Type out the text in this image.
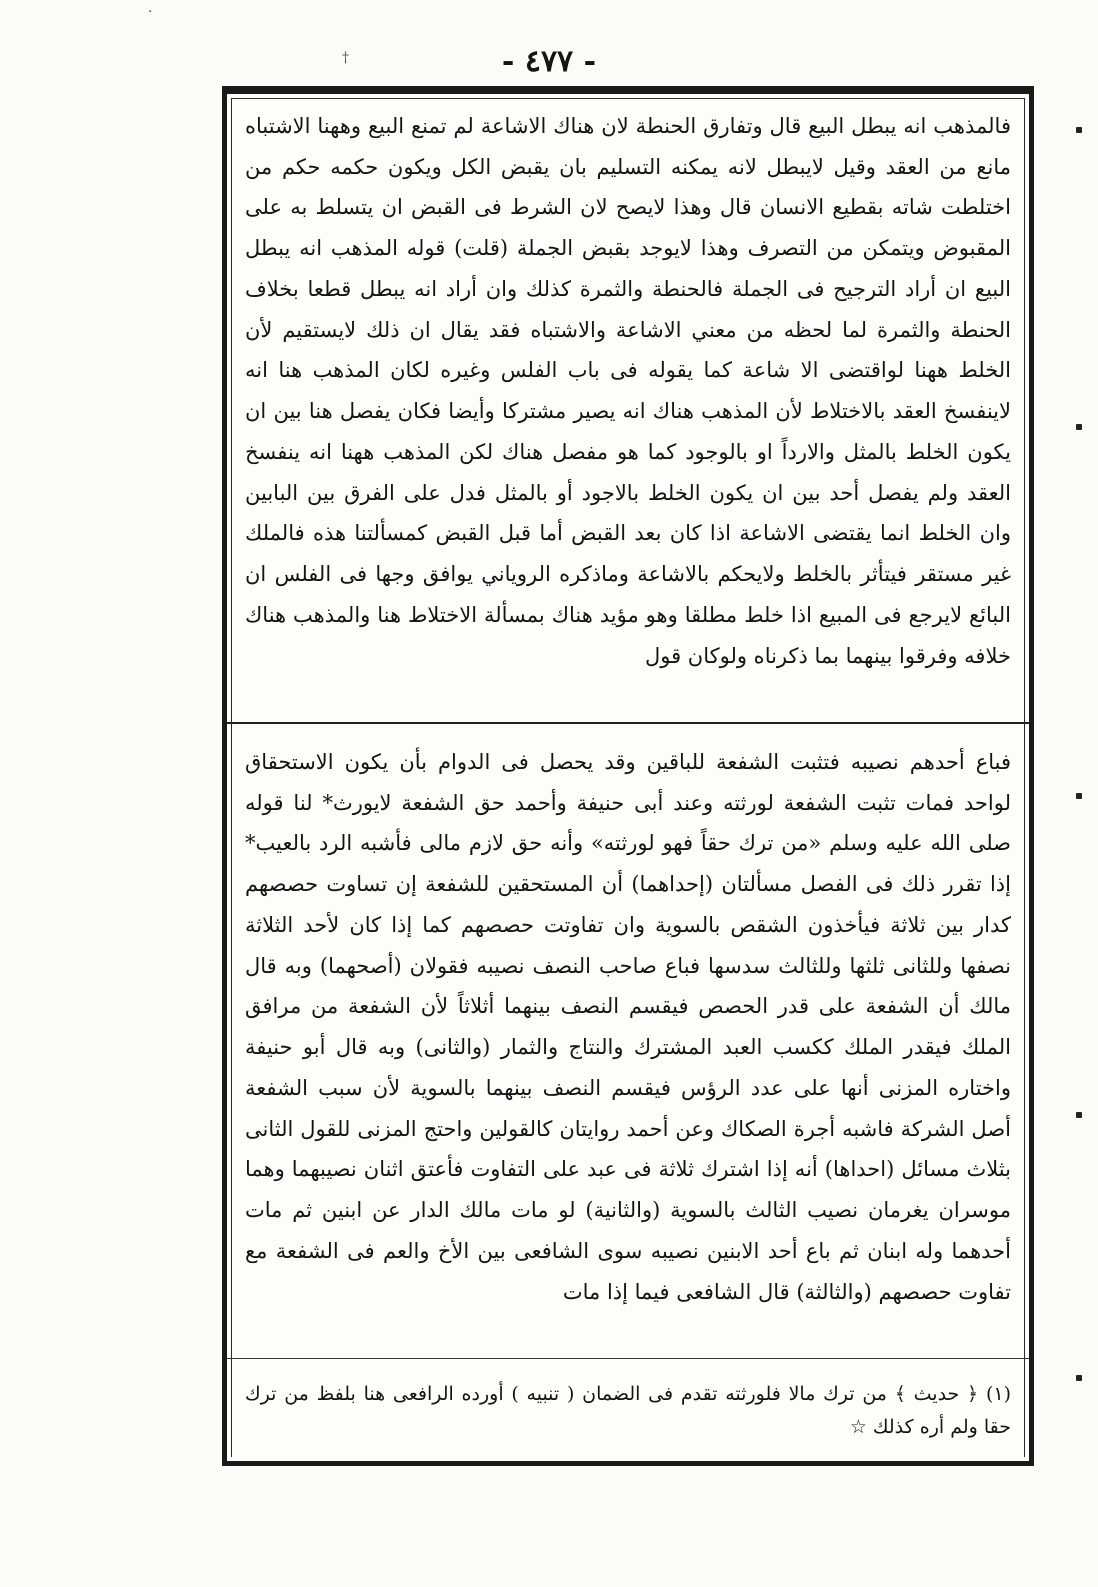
- ٤٧٧ -
·
†

فالمذهب انه يبطل البيع قال وتفارق الحنطة لان هناك الاشاعة لم تمنع البيع وههنا الاشتباه مانع من العقد وقيل لايبطل لانه يمكنه التسليم بان يقبض الكل ويكون حكمه حكم من اختلطت شاته بقطيع الانسان قال وهذا لايصح لان الشرط فى القبض ان يتسلط به على المقبوض ويتمكن من التصرف وهذا لايوجد بقبض الجملة (قلت) قوله المذهب انه يبطل البيع ان أراد الترجيح فى الجملة فالحنطة والثمرة كذلك وان أراد انه يبطل قطعا بخلاف الحنطة والثمرة لما لحظه من معني الاشاعة والاشتباه فقد يقال ان ذلك لايستقيم لأن الخلط ههنا لواقتضى الا شاعة كما يقوله فى باب الفلس وغيره لكان المذهب هنا انه لاينفسخ العقد بالاختلاط لأن المذهب هناك انه يصير مشتركا وأيضا فكان يفصل هنا بين ان يكون الخلط بالمثل والارداً او بالوجود كما هو مفصل هناك لكن المذهب ههنا انه ينفسخ العقد ولم يفصل أحد بين ان يكون الخلط بالاجود أو بالمثل فدل على الفرق بين البابين وان الخلط انما يقتضى الاشاعة اذا كان بعد القبض أما قبل القبض كمسألتنا هذه فالملك غير مستقر فيتأثر بالخلط ولايحكم بالاشاعة وماذكره الروياني يوافق وجها فى الفلس ان البائع لايرجع فى المبيع اذا خلط مطلقا وهو مؤيد هناك بمسألة الاختلاط هنا والمذهب هناك خلافه وفرقوا بينهما بما ذكرناه ولوكان قول

فباع أحدهم نصيبه فتثبت الشفعة للباقين وقد يحصل فى الدوام بأن يكون الاستحقاق لواحد فمات تثبت الشفعة لورثته وعند أبى حنيفة وأحمد حق الشفعة لايورث* لنا قوله صلى الله عليه وسلم «من ترك حقاً فهو لورثته» وأنه حق لازم مالى فأشبه الرد بالعيب* إذا تقرر ذلك فى الفصل مسألتان (إحداهما) أن المستحقين للشفعة إن تساوت حصصهم كدار بين ثلاثة فيأخذون الشقص بالسوية وان تفاوتت حصصهم كما إذا كان لأحد الثلاثة نصفها وللثانى ثلثها وللثالث سدسها فباع صاحب النصف نصيبه فقولان (أصحهما) وبه قال مالك أن الشفعة على قدر الحصص فيقسم النصف بينهما أثلاثاً لأن الشفعة من مرافق الملك فيقدر الملك ككسب العبد المشترك والنتاج والثمار (والثانى) وبه قال أبو حنيفة واختاره المزنى أنها على عدد الرؤس فيقسم النصف بينهما بالسوية لأن سبب الشفعة أصل الشركة فاشبه أجرة الصكاك وعن أحمد روايتان كالقولين واحتج المزنى للقول الثانى بثلاث مسائل (احداها) أنه إذا اشترك ثلاثة فى عبد على التفاوت فأعتق اثنان نصيبهما وهما موسران يغرمان نصيب الثالث بالسوية (والثانية) لو مات مالك الدار عن ابنين ثم مات أحدهما وله ابنان ثم باع أحد الابنين نصيبه سوى الشافعى بين الأخ والعم فى الشفعة مع تفاوت حصصهم (والثالثة) قال الشافعى فيما إذا مات

(١) ﴿ حديث ﴾ من ترك مالا فلورثته تقدم فى الضمان ( تنبيه ) أورده الرافعى هنا بلفظ من ترك حقا ولم أره كذلك ☆
